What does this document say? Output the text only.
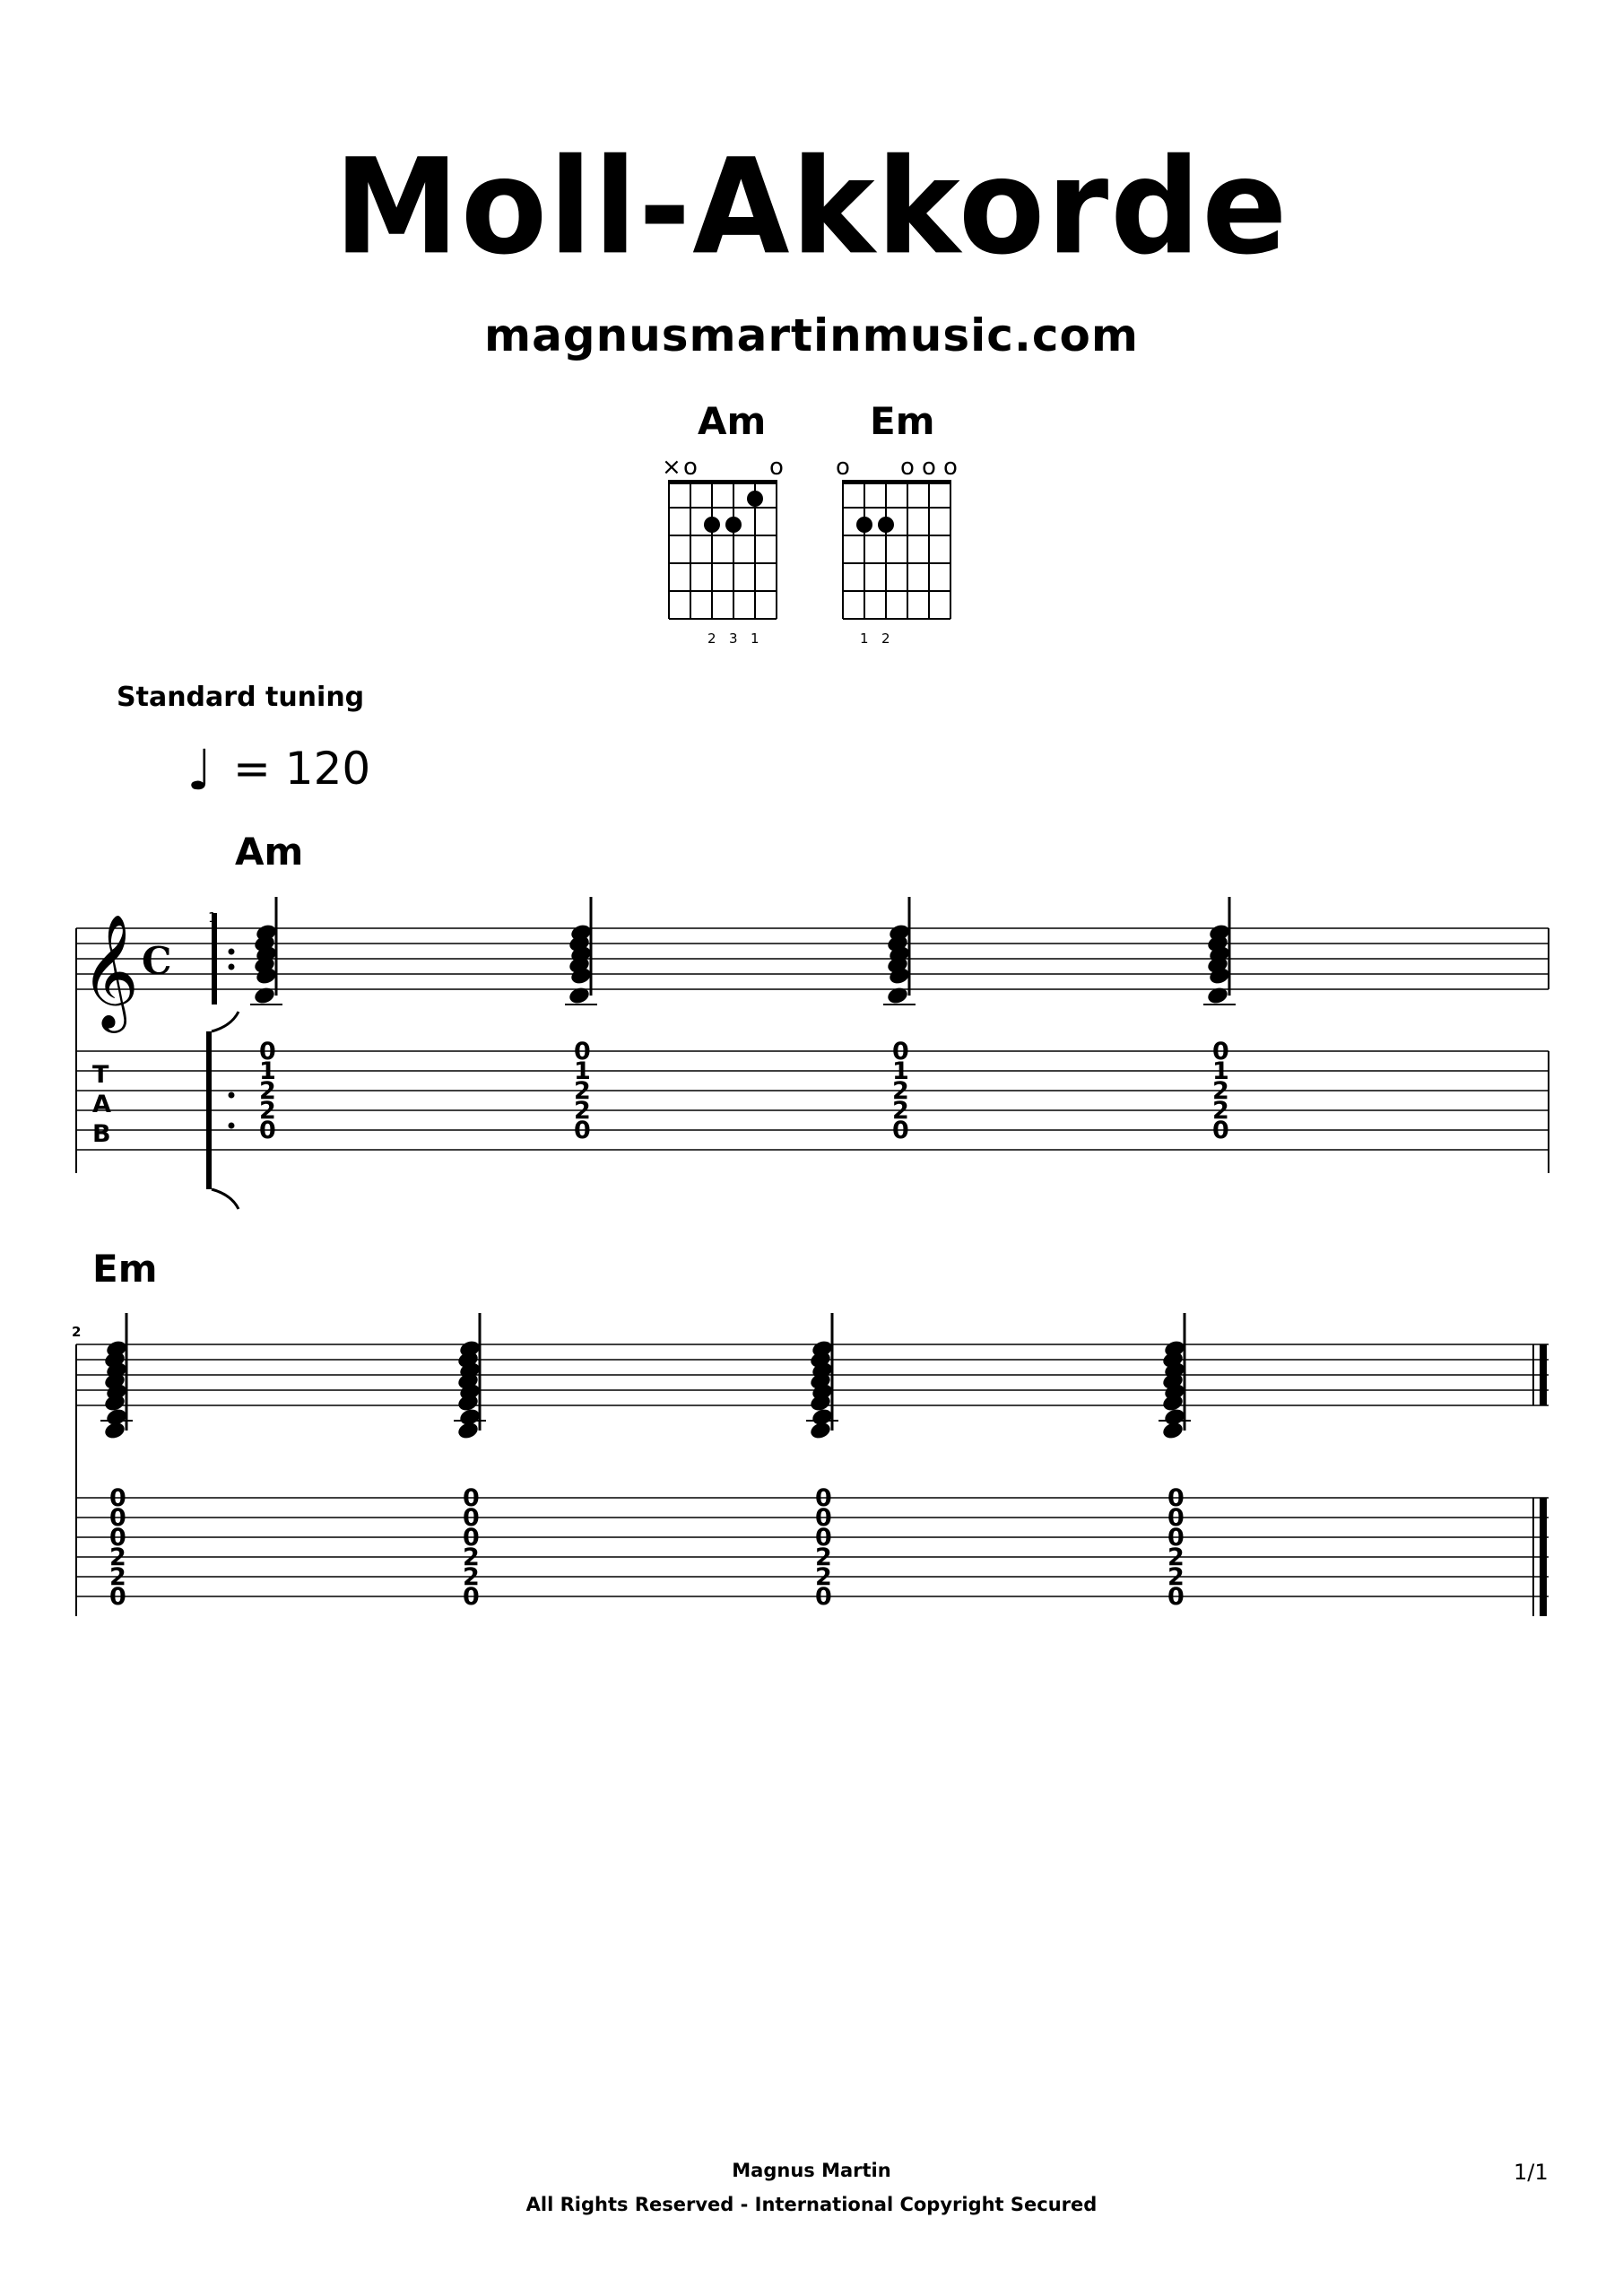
Moll-Akkorde
magnusmartinmusic.com
Am	Em
Standard tuning
♩ = 120
Am
Em
× o	o
2 3 1
o o o o
1 2
𝄞 C
1
0
1
2
2
0
0
1
2
2
0
0
1
2
2
0
0
1
2
2
0
T
A
B
2
0
0
0
2
2
0
0
0
0
2
2
0
0
0
0
2
2
0
0
0
0
2
2
0
Magnus Martin
All Rights Reserved - International Copyright Secured
1/1
